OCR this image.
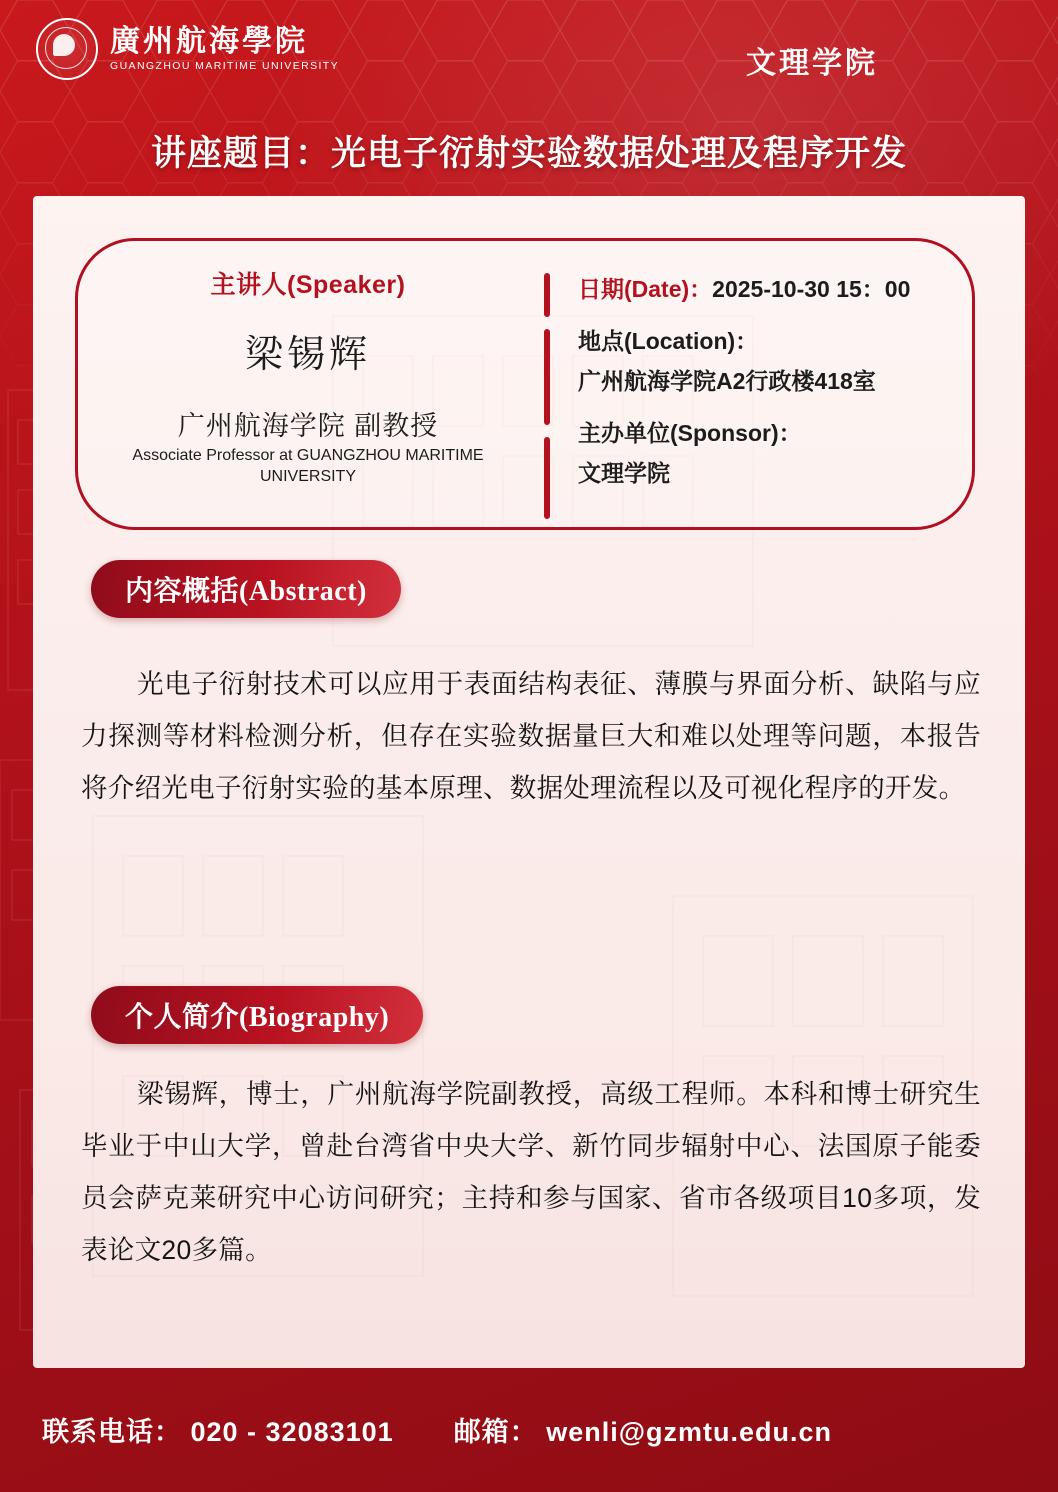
廣州航海學院
GUANGZHOU MARITIME UNIVERSITY	文理学院
讲座题目：光电子衍射实验数据处理及程序开发
主讲人(Speaker)
梁锡辉
广州航海学院 副教授
Associate Professor at GUANGZHOU MARITIME UNIVERSITY
日期(Date)：2025-10-30 15：00
地点(Location)：
广州航海学院A2行政楼418室
主办单位(Sponsor)：
文理学院
内容概括(Abstract)
光电子衍射技术可以应用于表面结构表征、薄膜与界面分析、缺陷与应力探测等材料检测分析，但存在实验数据量巨大和难以处理等问题，本报告将介绍光电子衍射实验的基本原理、数据处理流程以及可视化程序的开发。
个人简介(Biography)
梁锡辉，博士，广州航海学院副教授，高级工程师。本科和博士研究生毕业于中山大学，曾赴台湾省中央大学、新竹同步辐射中心、法国原子能委员会萨克莱研究中心访问研究；主持和参与国家、省市各级项目10多项，发表论文20多篇。
联系电话： 020 - 32083101 邮箱： wenli@gzmtu.edu.cn
